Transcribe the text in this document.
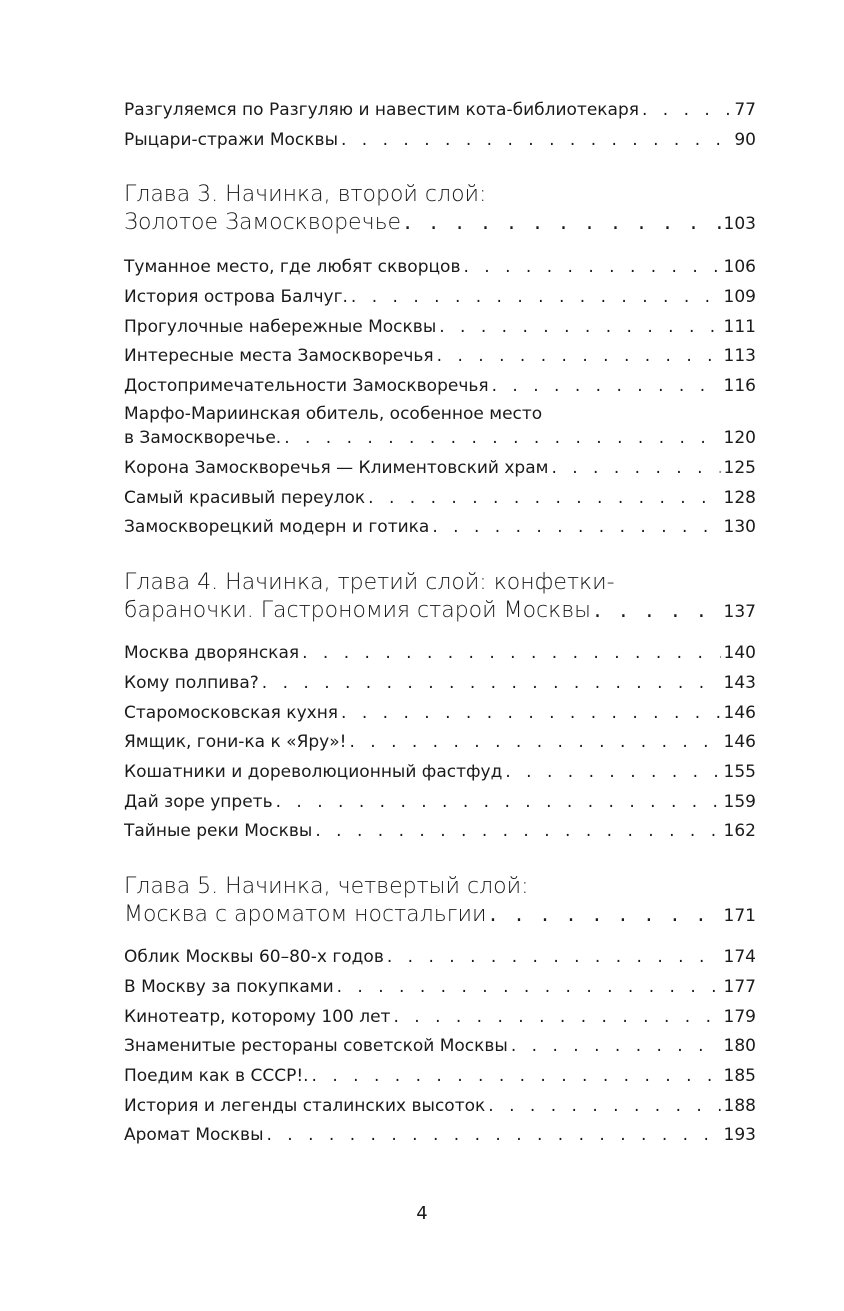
Разгуляемся по Разгуляю и навестим кота-библиотекаря . . .	77
Рыцари-стражи Москвы . . .	90
Глава 3. Начинка, второй слой:
Золотое Замоскворечье . . .	103
Туманное место, где любят скворцов . . .	106
История острова Балчуг. . . .	109
Прогулочные набережные Москвы . . .	111
Интересные места Замоскворечья . . .	113
Достопримечательности Замоскворечья . . .	116
Марфо-Мариинская обитель, особенное место
в Замоскворечье. . . .	120
Корона Замоскворечья — Климентовский храм . . .	125
Самый красивый переулок . . .	128
Замоскворецкий модерн и готика . . .	130
Глава 4. Начинка, третий слой: конфетки-
бараночки. Гастрономия старой Москвы . . .	137
Москва дворянская . . .	140
Кому полпива? . . .	143
Старомосковская кухня . . .	146
Ямщик, гони-ка к «Яру»! . . .	146
Кошатники и дореволюционный фастфуд . . .	155
Дай зоре упреть . . .	159
Тайные реки Москвы . . .	162
Глава 5. Начинка, четвертый слой:
Москва с ароматом ностальгии . . .	171
Облик Москвы 60–80-х годов . . .	174
В Москву за покупками . . .	177
Кинотеатр, которому 100 лет . . .	179
Знаменитые рестораны советской Москвы . . .	180
Поедим как в СССР!. . . .	185
История и легенды сталинских высоток . . .	188
Аромат Москвы . . .	193
4
